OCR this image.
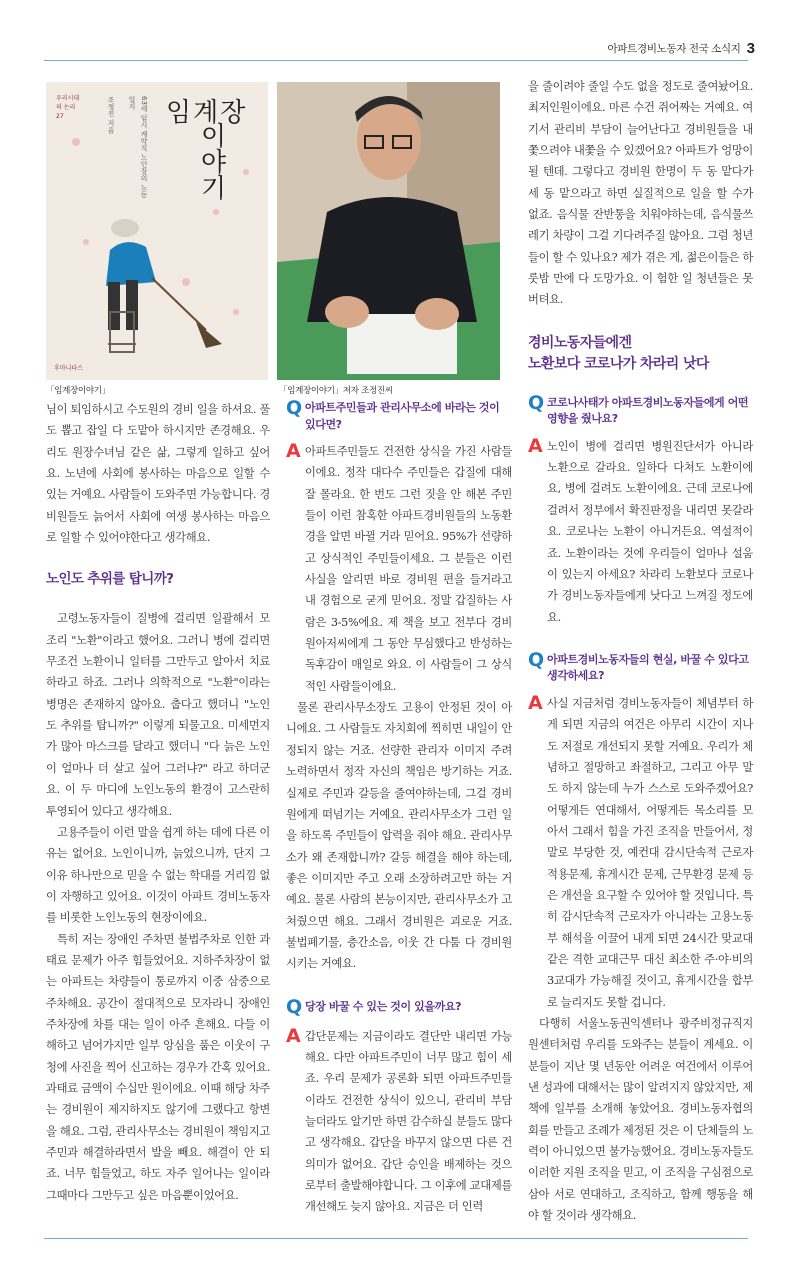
아파트경비노동자 전국 소식지 3
우리시대의 논리 27	조정진 지음	63세 임시 계약직 노인장의 노동 일지	임계장
이야기
후마니타스
「임계장이야기」	「임계장이야기」저자 조정진씨

님이 퇴임하시고 수도원의 경비 일을 하셔요. 풀도 뽑고 잡일 다 도맡아 하시지만 존경해요. 우리도 원장수녀님 같은 삶, 그렇게 일하고 싶어요. 노년에 사회에 봉사하는 마음으로 일할 수 있는 거예요. 사람들이 도와주면 가능합니다. 경비원들도 늙어서 사회에 여생 봉사하는 마음으로 일할 수 있어야한다고 생각해요.

노인도 추위를 탑니까?

고령노동자들이 질병에 걸리면 일괄해서 모조리 "노환"이라고 했어요. 그러니 병에 걸리면 무조건 노환이니 일터를 그만두고 알아서 치료하라고 하죠. 그러나 의학적으로 "노환"이라는 병명은 존재하지 않아요. 춥다고 했더니 "노인도 추위를 탑니까?" 이렇게 되물고요. 미세먼지가 많아 마스크를 달라고 했더니 "다 늙은 노인이 얼마나 더 살고 싶어 그러냐?" 라고 하더군요. 이 두 마디에 노인노동의 환경이 고스란히 투영되어 있다고 생각해요.

고용주들이 이런 말을 쉽게 하는 데에 다른 이유는 없어요. 노인이니까, 늙었으니까, 단지 그 이유 하나만으로 믿을 수 없는 학대를 거리낌 없이 자행하고 있어요. 이것이 아파트 경비노동자를 비롯한 노인노동의 현장이에요.

특히 저는 장애인 주차면 불법주차로 인한 과태료 문제가 아주 힘들었어요. 지하주차장이 없는 아파트는 차량들이 통로까지 이중 삼중으로 주차해요. 공간이 절대적으로 모자라니 장애인 주차장에 차를 대는 일이 아주 흔해요. 다들 이해하고 넘어가지만 일부 앙심을 품은 이웃이 구청에 사진을 찍어 신고하는 경우가 간혹 있어요. 과태료 금액이 수십만 원이에요. 이때 해당 차주는 경비원이 제지하지도 않기에 그랬다고 항변을 해요. 그럼, 관리사무소는 경비원이 책임지고 주민과 해결하라면서 발을 빼요. 해결이 안 되죠. 너무 힘들었고, 하도 자주 일어나는 일이라 그때마다 그만두고 싶은 마음뿐이었어요.

Q 아파트주민들과 관리사무소에 바라는 것이 있다면?
A 아파트주민들도 건전한 상식을 가진 사람들이에요. 정작 대다수 주민들은 갑질에 대해 잘 몰라요. 한 번도 그런 짓을 안 해본 주민들이 이런 참혹한 아파트경비원들의 노동환경을 알면 바뀔 거라 믿어요. 95%가 선량하고 상식적인 주민들이세요. 그 분들은 이런 사실을 알리면 바로 경비원 편을 들거라고 내 경험으로 굳게 믿어요. 정말 갑질하는 사람은 3-5%에요. 제 책을 보고 전부다 경비원아저씨에게 그 동안 무심했다고 반성하는 독후감이 매일로 와요. 이 사람들이 그 상식적인 사람들이에요.

물론 관리사무소장도 고용이 안정된 것이 아니에요. 그 사람들도 자치회에 찍히면 내일이 안정되지 않는 거죠. 선량한 관리자 이미지 주려 노력하면서 정작 자신의 책임은 방기하는 거죠. 실제로 주민과 갈등을 줄여야하는데, 그걸 경비원에게 떠넘기는 거예요. 관리사무소가 그런 일을 하도록 주민들이 압력을 줘야 해요. 관리사무소가 왜 존재합니까? 갈등 해결을 해야 하는데, 좋은 이미지만 주고 오래 소장하려고만 하는 거예요. 물론 사람의 본능이지만, 관리사무소가 고쳐줬으면 해요. 그래서 경비원은 괴로운 거죠. 불법폐기물, 층간소음, 이웃 간 다툼 다 경비원 시키는 거예요.

Q 당장 바꿀 수 있는 것이 있을까요?
A 갑단문제는 지금이라도 결단만 내리면 가능해요. 다만 아파트주민이 너무 많고 힘이 세죠. 우리 문제가 공론화 되면 아파트주민들이라도 건전한 상식이 있으니, 관리비 부담 늘더라도 알기만 하면 감수하실 분들도 많다고 생각해요. 갑단을 바꾸지 않으면 다른 건 의미가 없어요. 갑단 승인을 배제하는 것으로부터 출발해야합니다. 그 이후에 교대제를 개선해도 늦지 않아요. 지금은 더 인력

을 줄이려야 줄일 수도 없을 정도로 줄여놨어요. 최저인원이에요. 마른 수건 쥐어짜는 거예요. 여기서 관리비 부담이 늘어난다고 경비원들을 내쫓으려야 내쫓을 수 있겠어요? 아파트가 엉망이 될 텐데. 그렇다고 경비원 한명이 두 동 맡다가 세 동 맡으라고 하면 실질적으로 일을 할 수가 없죠. 음식물 잔반통을 치워야하는데, 음식물쓰레기 차량이 그걸 기다려주질 않아요. 그럼 청년들이 할 수 있나요? 제가 겪은 게, 젊은이들은 하룻밤 만에 다 도망가요. 이 험한 일 청년들은 못 버텨요.

경비노동자들에겐
노환보다 코로나가 차라리 낫다
Q 코로나사태가 아파트경비노동자들에게 어떤 영향을 줬나요?
A 노인이 병에 걸리면 병원진단서가 아니라 노환으로 갈라요. 일하다 다쳐도 노환이에요, 병에 걸려도 노환이에요. 근데 코로나에 걸려서 정부에서 확진판정을 내리면 못갈라요. 코로나는 노환이 아니거든요. 역설적이죠. 노환이라는 것에 우리들이 얼마나 설움이 있는지 아세요? 차라리 노환보다 코로나가 경비노동자들에게 낫다고 느껴질 정도에요.
Q 아파트경비노동자들의 현실, 바꿀 수 있다고 생각하세요?
A 사실 지금처럼 경비노동자들이 체념부터 하게 되면 지금의 여건은 아무리 시간이 지나도 저절로 개선되지 못할 거예요. 우리가 체념하고 절망하고 좌절하고, 그리고 아무 말도 하지 않는데 누가 스스로 도와주겠어요? 어떻게든 연대해서, 어떻게든 목소리를 모아서 그래서 힘을 가진 조직을 만들어서, 정말로 부당한 것, 예컨대 감시단속적 근로자 적용문제, 휴게시간 문제, 근무환경 문제 등은 개선을 요구할 수 있어야 할 것입니다. 특히 감시단속적 근로자가 아니라는 고용노동부 해석을 이끌어 내게 되면 24시간 맞교대같은 격한 교대근무 대신 최소한 주·야·비의 3교대가 가능해질 것이고, 휴게시간을 합부로 늘리지도 못할 겁니다.

다행히 서울노동권익센터나 광주비정규직지원센터처럼 우리를 도와주는 분들이 계세요. 이 분들이 지난 몇 년동안 어려운 여건에서 이루어낸 성과에 대해서는 많이 알려지지 않았지만, 제 책에 일부를 소개해 놓았어요. 경비노동자협의회를 만들고 조례가 제정된 것은 이 단체들의 노력이 아니었으면 불가능했어요. 경비노동자들도 이러한 지원 조직을 믿고, 이 조직을 구심점으로 삼아 서로 연대하고, 조직하고, 함께 행동을 해야 할 것이라 생각해요.
